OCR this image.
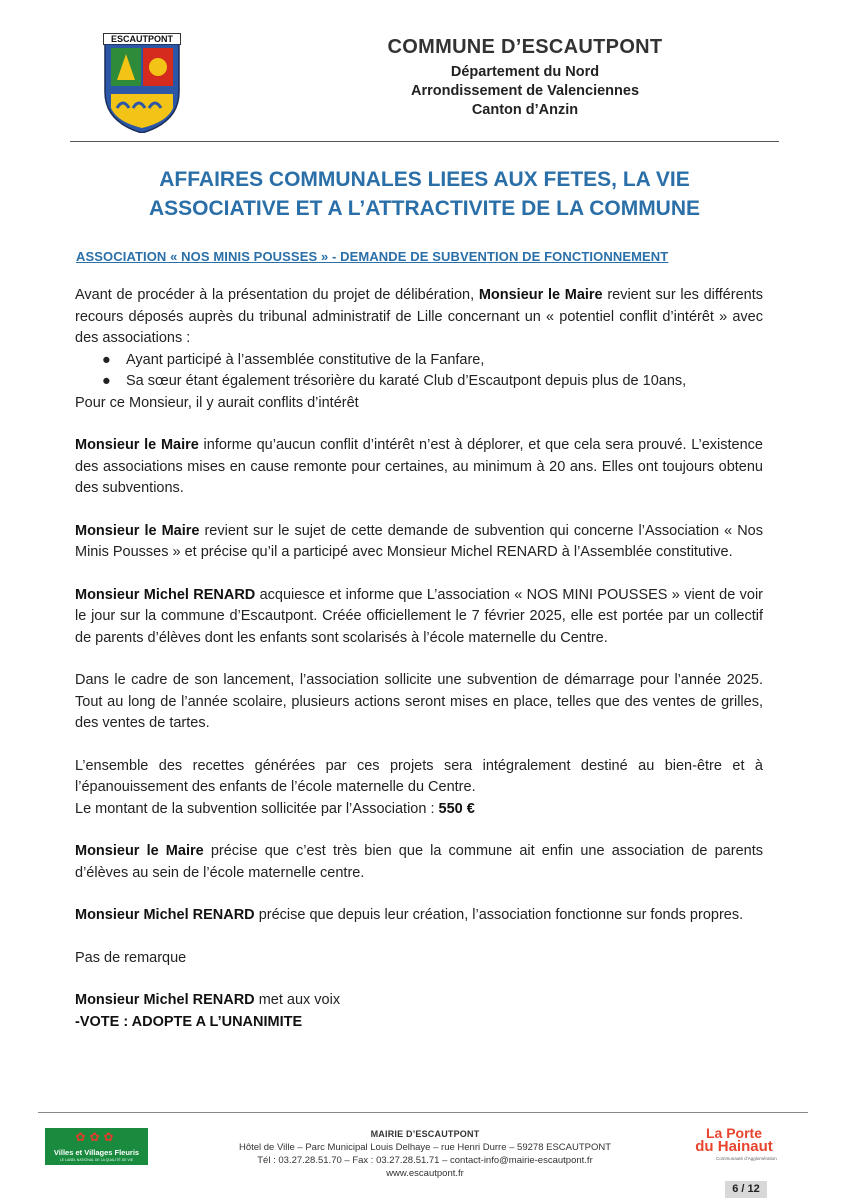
ESCAUTPONT	COMMUNE D’ESCAUTPONT
Département du Nord
Arrondissement de Valenciennes
Canton d’Anzin
AFFAIRES COMMUNALES LIEES AUX FETES, LA VIE
ASSOCIATIVE ET A L’ATTRACTIVITE DE LA COMMUNE
ASSOCIATION « NOS MINIS POUSSES » - DEMANDE DE SUBVENTION DE FONCTIONNEMENT

Avant de procéder à la présentation du projet de délibération, Monsieur le Maire revient sur les différents recours déposés auprès du tribunal administratif de Lille concernant un « potentiel conflit d’intérêt » avec des associations :

● Ayant participé à l’assemblée constitutive de la Fanfare,
● Sa sœur étant également trésorière du karaté Club d’Escautpont depuis plus de 10ans,

Pour ce Monsieur, il y aurait conflits d’intérêt

Monsieur le Maire informe qu’aucun conflit d’intérêt n’est à déplorer, et que cela sera prouvé. L’existence des associations mises en cause remonte pour certaines, au minimum à 20 ans. Elles ont toujours obtenu des subventions.

Monsieur le Maire revient sur le sujet de cette demande de subvention qui concerne l’Association « Nos Minis Pousses » et précise qu’il a participé avec Monsieur Michel RENARD à l’Assemblée constitutive.

Monsieur Michel RENARD acquiesce et informe que L’association « NOS MINI POUSSES » vient de voir le jour sur la commune d’Escautpont. Créée officiellement le 7 février 2025, elle est portée par un collectif de parents d’élèves dont les enfants sont scolarisés à l’école maternelle du Centre.

Dans le cadre de son lancement, l’association sollicite une subvention de démarrage pour l’année 2025. Tout au long de l’année scolaire, plusieurs actions seront mises en place, telles que des ventes de grilles, des ventes de tartes.

L’ensemble des recettes générées par ces projets sera intégralement destiné au bien-être et à l’épanouissement des enfants de l’école maternelle du Centre.

Le montant de la subvention sollicitée par l’Association : 550 €

Monsieur le Maire précise que c’est très bien que la commune ait enfin une association de parents d’élèves au sein de l’école maternelle centre.

Monsieur Michel RENARD précise que depuis leur création, l’association fonctionne sur fonds propres.

Pas de remarque

Monsieur Michel RENARD met aux voix

-VOTE : ADOPTE A L’UNANIMITE

✿✿✿
Villes et Villages Fleuris
LE LABEL NATIONAL DE LA QUALITÉ DE VIE
MAIRIE D’ESCAUTPONT
Hôtel de Ville – Parc Municipal Louis Delhaye – rue Henri Durre – 59278 ESCAUTPONT
Tél : 03.27.28.51.70 – Fax : 03.27.28.51.71 – contact-info@mairie-escautpont.fr
www.escautpont.fr
La Porte
du Hainaut
Communauté d’Agglomération
6 / 12
